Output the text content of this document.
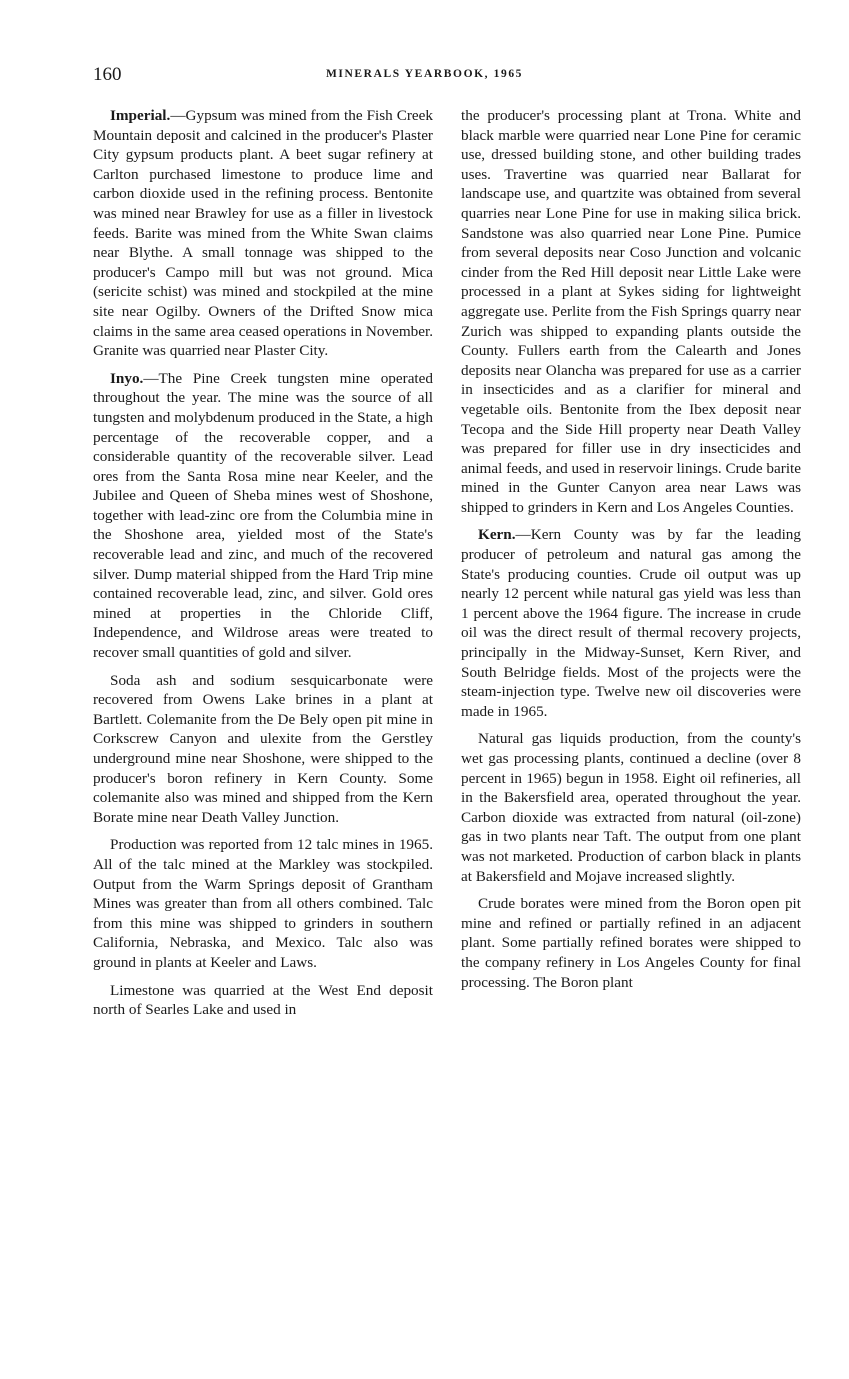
160	MINERALS YEARBOOK, 1965

Imperial.—Gypsum was mined from the Fish Creek Mountain deposit and calcined in the producer's Plaster City gypsum products plant. A beet sugar refinery at Carlton purchased limestone to produce lime and carbon dioxide used in the refining process. Bentonite was mined near Brawley for use as a filler in livestock feeds. Barite was mined from the White Swan claims near Blythe. A small tonnage was shipped to the producer's Campo mill but was not ground. Mica (sericite schist) was mined and stockpiled at the mine site near Ogilby. Owners of the Drifted Snow mica claims in the same area ceased operations in November. Granite was quarried near Plaster City.

Inyo.—The Pine Creek tungsten mine operated throughout the year. The mine was the source of all tungsten and molybdenum produced in the State, a high percentage of the recoverable copper, and a considerable quantity of the recoverable silver. Lead ores from the Santa Rosa mine near Keeler, and the Jubilee and Queen of Sheba mines west of Shoshone, together with lead-zinc ore from the Columbia mine in the Shoshone area, yielded most of the State's recoverable lead and zinc, and much of the recovered silver. Dump material shipped from the Hard Trip mine contained recoverable lead, zinc, and silver. Gold ores mined at properties in the Chloride Cliff, Independence, and Wildrose areas were treated to recover small quantities of gold and silver.

Soda ash and sodium sesquicarbonate were recovered from Owens Lake brines in a plant at Bartlett. Colemanite from the De Bely open pit mine in Corkscrew Canyon and ulexite from the Gerstley underground mine near Shoshone, were shipped to the producer's boron refinery in Kern County. Some colemanite also was mined and shipped from the Kern Borate mine near Death Valley Junction.

Production was reported from 12 talc mines in 1965. All of the talc mined at the Markley was stockpiled. Output from the Warm Springs deposit of Grantham Mines was greater than from all others combined. Talc from this mine was shipped to grinders in southern California, Nebraska, and Mexico. Talc also was ground in plants at Keeler and Laws.

Limestone was quarried at the West End deposit north of Searles Lake and used in

the producer's processing plant at Trona. White and black marble were quarried near Lone Pine for ceramic use, dressed building stone, and other building trades uses. Travertine was quarried near Ballarat for landscape use, and quartzite was obtained from several quarries near Lone Pine for use in making silica brick. Sandstone was also quarried near Lone Pine. Pumice from several deposits near Coso Junction and volcanic cinder from the Red Hill deposit near Little Lake were processed in a plant at Sykes siding for lightweight aggregate use. Perlite from the Fish Springs quarry near Zurich was shipped to expanding plants outside the County. Fullers earth from the Calearth and Jones deposits near Olancha was prepared for use as a carrier in insecticides and as a clarifier for mineral and vegetable oils. Bentonite from the Ibex deposit near Tecopa and the Side Hill property near Death Valley was prepared for filler use in dry insecticides and animal feeds, and used in reservoir linings. Crude barite mined in the Gunter Canyon area near Laws was shipped to grinders in Kern and Los Angeles Counties.

Kern.—Kern County was by far the leading producer of petroleum and natural gas among the State's producing counties. Crude oil output was up nearly 12 percent while natural gas yield was less than 1 percent above the 1964 figure. The increase in crude oil was the direct result of thermal recovery projects, principally in the Midway-Sunset, Kern River, and South Belridge fields. Most of the projects were the steam-injection type. Twelve new oil discoveries were made in 1965.

Natural gas liquids production, from the county's wet gas processing plants, continued a decline (over 8 percent in 1965) begun in 1958. Eight oil refineries, all in the Bakersfield area, operated throughout the year. Carbon dioxide was extracted from natural (oil-zone) gas in two plants near Taft. The output from one plant was not marketed. Production of carbon black in plants at Bakersfield and Mojave increased slightly.

Crude borates were mined from the Boron open pit mine and refined or partially refined in an adjacent plant. Some partially refined borates were shipped to the company refinery in Los Angeles County for final processing. The Boron plant
